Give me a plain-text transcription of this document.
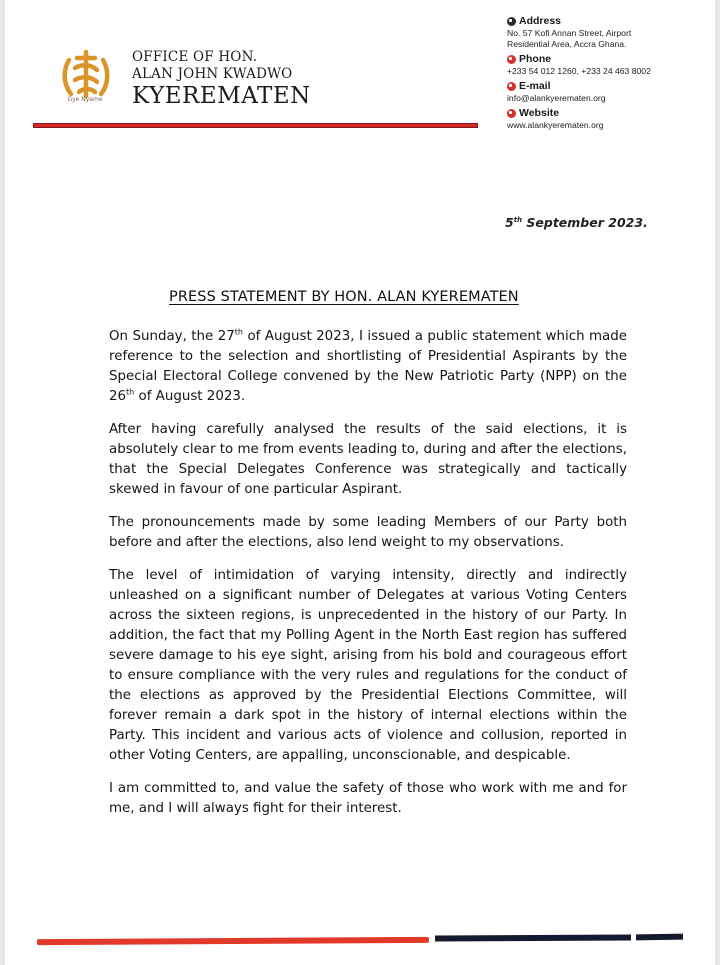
Gye Nyame
OFFICE OF HON.
ALAN JOHN KWADWO
KYEREMATEN
Address
No. 57 Kofi Annan Street, Airport
Residential Area, Accra Ghana.
Phone
+233 54 012 1260, +233 24 463 8002
E-mail
info@alankyerematen.org
Website
www.alankyerematen.org
5th September 2023.
PRESS STATEMENT BY HON. ALAN KYEREMATEN

On Sunday, the 27th of August 2023, I issued a public statement which made reference to the selection and shortlisting of Presidential Aspirants by the Special Electoral College convened by the New Patriotic Party (NPP) on the 26th of August 2023.

After having carefully analysed the results of the said elections, it is absolutely clear to me from events leading to, during and after the elections, that the Special Delegates Conference was strategically and tactically skewed in favour of one particular Aspirant.

The pronouncements made by some leading Members of our Party both before and after the elections, also lend weight to my observations.

The level of intimidation of varying intensity, directly and indirectly unleashed on a significant number of Delegates at various Voting Centers across the sixteen regions, is unprecedented in the history of our Party. In addition, the fact that my Polling Agent in the North East region has suffered severe damage to his eye sight, arising from his bold and courageous effort to ensure compliance with the very rules and regulations for the conduct of the elections as approved by the Presidential Elections Committee, will forever remain a dark spot in the history of internal elections within the Party. This incident and various acts of violence and collusion, reported in other Voting Centers, are appalling, unconscionable, and despicable.

I am committed to, and value the safety of those who work with me and for me, and I will always fight for their interest.
